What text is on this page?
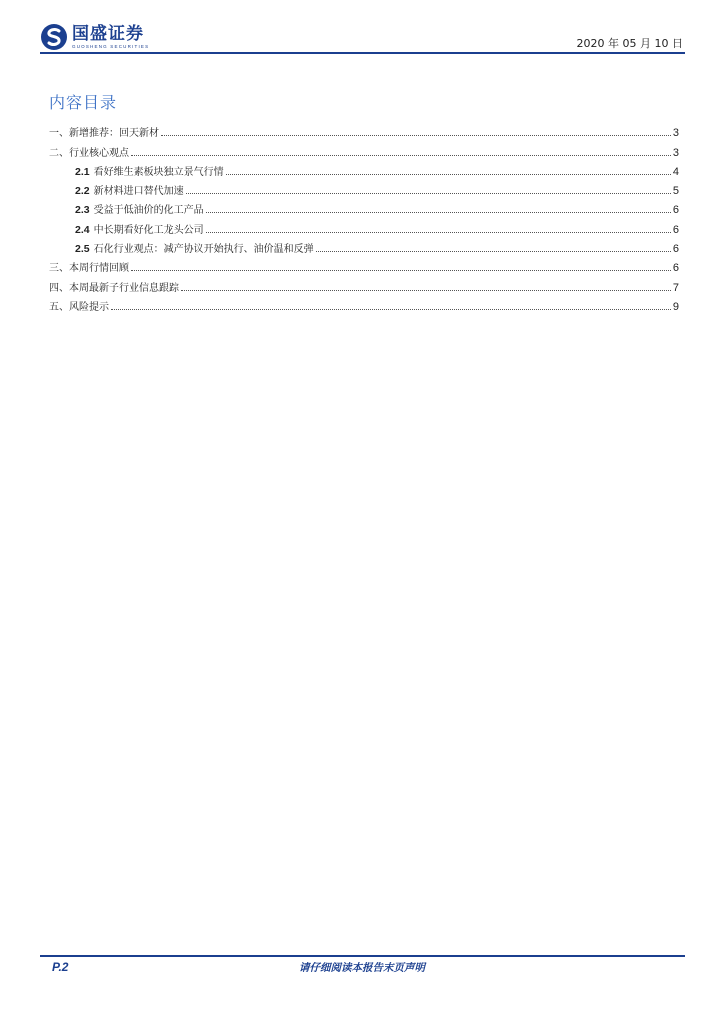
国盛证券
GUOSHENG SECURITIES	2020 年 05 月 10 日
内容目录
一、新增推荐：回天新材	3
二、行业核心观点	3
2.1 看好维生素板块独立景气行情	4
2.2 新材料进口替代加速	5
2.3 受益于低油价的化工产品	6
2.4 中长期看好化工龙头公司	6
2.5 石化行业观点：减产协议开始执行、油价温和反弹	6
三、本周行情回顾	6
四、本周最新子行业信息跟踪	7
五、风险提示	9
P.2	请仔细阅读本报告末页声明
